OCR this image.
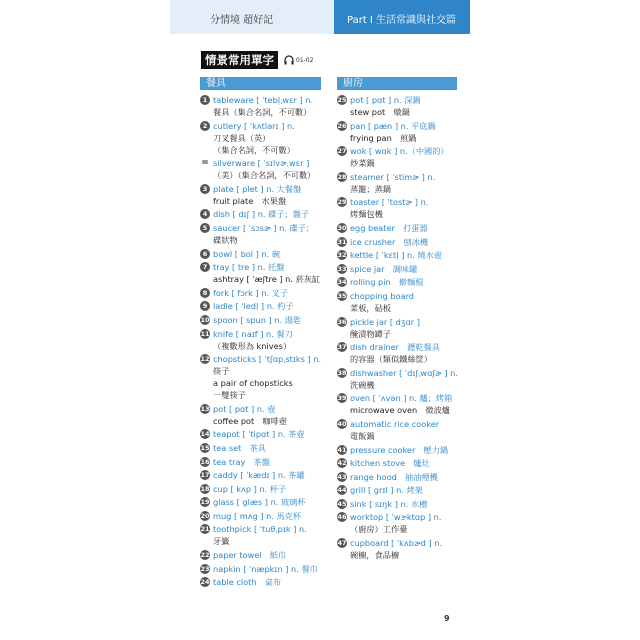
分情境 超好記	Part I 生活常識與社交篇
情景常用單字	01-02
餐具	廚房
1 tableware [ ˈtebḷˌwɛr ] n.
餐具（集合名詞，不可數）
2 cutlery [ ˈkʌtlərɪ ] n.
刀叉餐具（英）
（集合名詞，不可數）
= silverware [ ˈsɪlvɚˌwɛr ]
（美）（集合名詞，不可數）
3 plate [ plet ] n. 大餐盤
fruit plate　水果盤
4 dish [ dɪʃ ] n. 碟子；盤子
5 saucer [ ˈsɔsɚ ] n. 碟子；
碟狀物
6 bowl [ bol ] n. 碗
7 tray [ tre ] n. 托盤
ashtray [ ˈæʃtre ] n. 菸灰缸
8 fork [ fɔrk ] n. 叉子
9 ladle [ ˈledḷ ] n. 杓子
10 spoon [ spun ] n. 湯匙
11 knife [ naɪf ] n. 餐刀
（複數形為 knives）
12 chopsticks [ ˈtʃɑpˌstɪks ] n.
筷子
a pair of chopsticks
一雙筷子
13 pot [ pɑt ] n. 壺
coffee pot　咖啡壺
14 teapot [ ˈtipɑt ] n. 茶壺
15 tea set　茶具
16 tea tray　茶盤
17 caddy [ ˈkædɪ ] n. 茶罐
18 cup [ kʌp ] n. 杯子
19 glass [ glæs ] n. 玻璃杯
20 mug [ mʌg ] n. 馬克杯
21 toothpick [ ˈtuθˌpɪk ] n.
牙籤
22 paper towel　紙巾
23 napkin [ ˈnæpkɪn ] n. 餐巾
24 table cloth　桌布
25 pot [ pɑt ] n. 深鍋
stew pot　燉鍋
26 pan [ pæn ] n. 平底鍋
frying pan　煎鍋
27 wok [ wɑk ] n.（中國的）
炒菜鍋
28 steamer [ ˈstimɚ ] n.
蒸籠；蒸鍋
29 toaster [ ˈtostɚ ] n.
烤麵包機
30 egg beater　打蛋器
31 ice crusher　刨冰機
32 kettle [ ˈkɛtḷ ] n. 燒水壺
33 spice jar　調味罐
34 rolling pin　擀麵棍
35 chopping board
菜板，砧板
36 pickle jar [ dʒɑr ]
醃漬物罈子
37 dish drainer　瀝乾餐具
的容器（類似鐵絲筐）
38 dishwasher [ ˈdɪʃˌwɑʃɚ ] n.
洗碗機
39 oven [ ˈʌvən ] n. 爐；烤箱
microwave oven　微波爐
40 automatic rice cooker
電飯鍋
41 pressure cooker　壓力鍋
42 kitchen stove　爐灶
43 range hood　抽油煙機
44 grill [ grɪl ] n. 烤架
45 sink [ sɪŋk ] n. 水槽
46 worktop [ ˈwɝktɑp ] n.
（廚房）工作臺
47 cupboard [ ˈkʌbɚd ] n.
碗櫥，食品櫥
9
